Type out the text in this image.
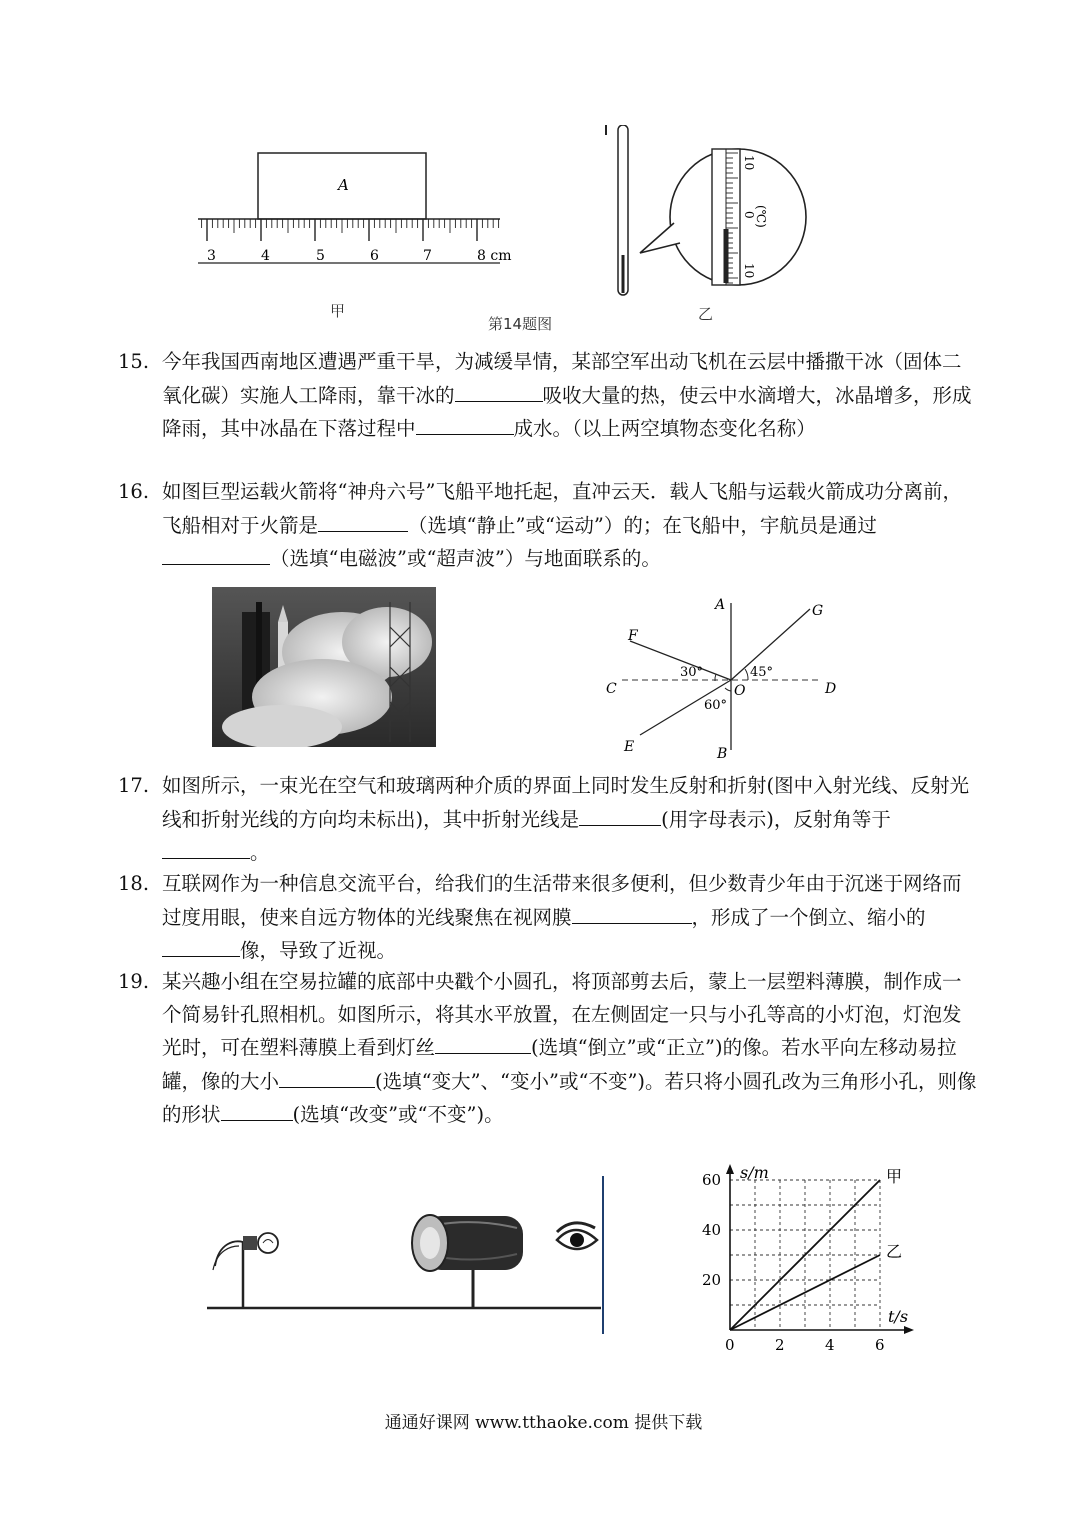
A
3	4	5	6	7	8 cm
甲
第14题图
乙
10
0
10
(℃)
15. 今年我国西南地区遭遇严重干旱，为减缓旱情，某部空军出动飞机在云层中播撒干冰（固体二氧化碳）实施人工降雨，靠干冰的	吸收大量的热，使云中水滴增大，冰晶增多，形成降雨，其中冰晶在下落过程中	成水。（以上两空填物态变化名称）
16. 如图巨型运载火箭将“神舟六号”飞船平地托起，直冲云天．载人飞船与运载火箭成功分离前，飞船相对于火箭是	（选填“静止”或“运动”）的；在飞船中，宇航员是通过（选填“电磁波”或“超声波”）与地面联系的。
A
B
C	D
E
F
G
O
30°	45°
60°
17. 如图所示，一束光在空气和玻璃两种介质的界面上同时发生反射和折射(图中入射光线、反射光线和折射光线的方向均未标出)，其中折射光线是	(用字母表示)，反射角等于。
18. 互联网作为一种信息交流平台，给我们的生活带来很多便利，但少数青少年由于沉迷于网络而过度用眼，使来自远方物体的光线聚焦在视网膜	，形成了一个倒立、缩小的像，导致了近视。
19. 某兴趣小组在空易拉罐的底部中央戳个小圆孔，将顶部剪去后，蒙上一层塑料薄膜，制作成一个简易针孔照相机。如图所示，将其水平放置，在左侧固定一只与小孔等高的小灯泡，灯泡发光时，可在塑料薄膜上看到灯丝	(选填“倒立”或“正立”)的像。若水平向左移动易拉罐，像的大小	(选填“变大”、“变小”或“不变”)。若只将小圆孔改为三角形小孔，则像的形状	(选填“改变”或“不变”)。
甲
乙
0	2	4	6
20
40
60 s/m
t/s
通通好课网 www.tthaoke.com 提供下载
